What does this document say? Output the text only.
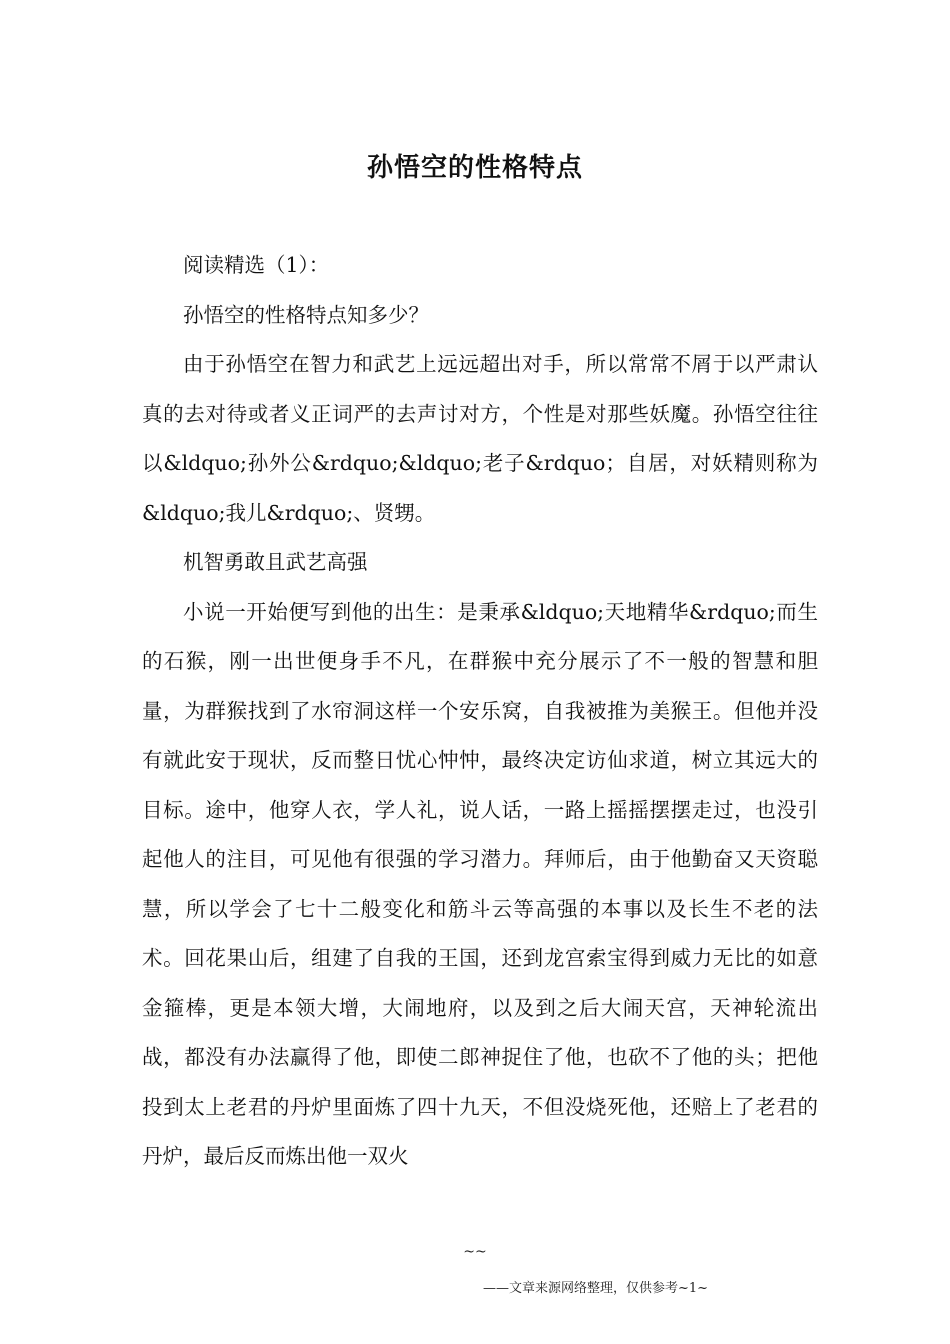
孙悟空的性格特点

阅读精选（1）：

孙悟空的性格特点知多少？

由于孙悟空在智力和武艺上远远超出对手，所以常常不屑于以严肃认真的去对待或者义正词严的去声讨对方，个性是对那些妖魔。孙悟空往往以&ldquo;孙外公&rdquo;&ldquo;老子&rdquo；自居，对妖精则称为&ldquo;我儿&rdquo;、贤甥。

机智勇敢且武艺高强

小说一开始便写到他的出生：是秉承&ldquo;天地精华&rdquo;而生的石猴，刚一出世便身手不凡，在群猴中充分展示了不一般的智慧和胆量，为群猴找到了水帘洞这样一个安乐窝，自我被推为美猴王。但他并没有就此安于现状，反而整日忧心忡忡，最终决定访仙求道，树立其远大的目标。途中，他穿人衣，学人礼，说人话，一路上摇摇摆摆走过，也没引起他人的注目，可见他有很强的学习潜力。拜师后，由于他勤奋又天资聪慧，所以学会了七十二般变化和筋斗云等高强的本事以及长生不老的法术。回花果山后，组建了自我的王国，还到龙宫索宝得到威力无比的如意金箍棒，更是本领大增，大闹地府，以及到之后大闹天宫，天神轮流出战，都没有办法赢得了他，即使二郎神捉住了他，也砍不了他的头；把他投到太上老君的丹炉里面炼了四十九天，不但没烧死他，还赔上了老君的丹炉，最后反而炼出他一双火

~~
——文章来源网络整理，仅供参考~1~
